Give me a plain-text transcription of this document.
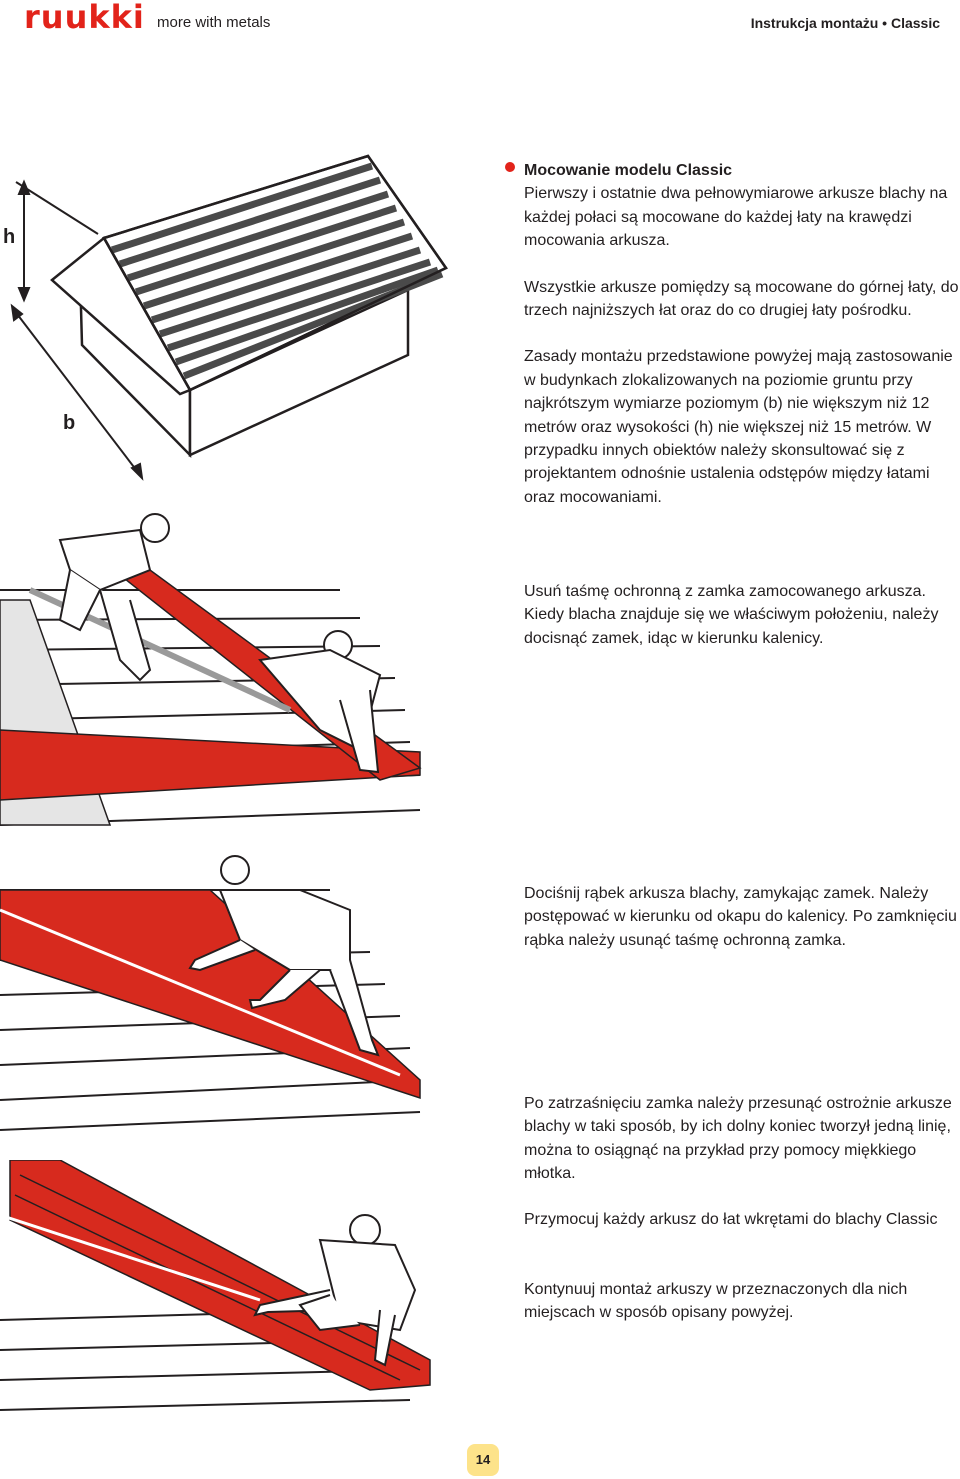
ruukki more with metals	Instrukcja montażu • Classic
h
b

Mocowanie modelu Classic

Pierwszy i ostatnie dwa pełnowymiarowe arkusze blachy na każdej połaci są mocowane do każdej łaty na krawędzi mocowania arkusza.

Wszystkie arkusze pomiędzy są mocowane do górnej łaty, do trzech najniższych łat oraz do co drugiej łaty pośrodku.

Zasady montażu przedstawione powyżej mają zastosowanie w budynkach zlokalizowanych na poziomie gruntu przy najkrótszym wymiarze poziomym (b) nie większym niż 12 metrów oraz wysokości (h) nie większej niż 15 metrów. W przypadku innych obiektów należy skonsultować się z projektantem odnośnie ustalenia odstępów między łatami oraz mocowaniami.

Usuń taśmę ochronną z zamka zamocowanego arkusza. Kiedy blacha znajduje się we właściwym położeniu, należy docisnąć zamek, idąc w kierunku kalenicy.
Dociśnij rąbek arkusza blachy, zamykając zamek. Należy postępować w kierunku od okapu do kalenicy. Po zamknięciu rąbka należy usunąć taśmę ochronną zamka.
Po zatrzaśnięciu zamka należy przesunąć ostrożnie arkusze blachy w taki sposób, by ich dolny koniec tworzył jedną linię, można to osiągnąć na przykład przy pomocy miękkiego młotka.
Przymocuj każdy arkusz do łat wkrętami do blachy Classic
Kontynuuj montaż arkuszy w przeznaczonych dla nich miejscach w sposób opisany powyżej.
14
